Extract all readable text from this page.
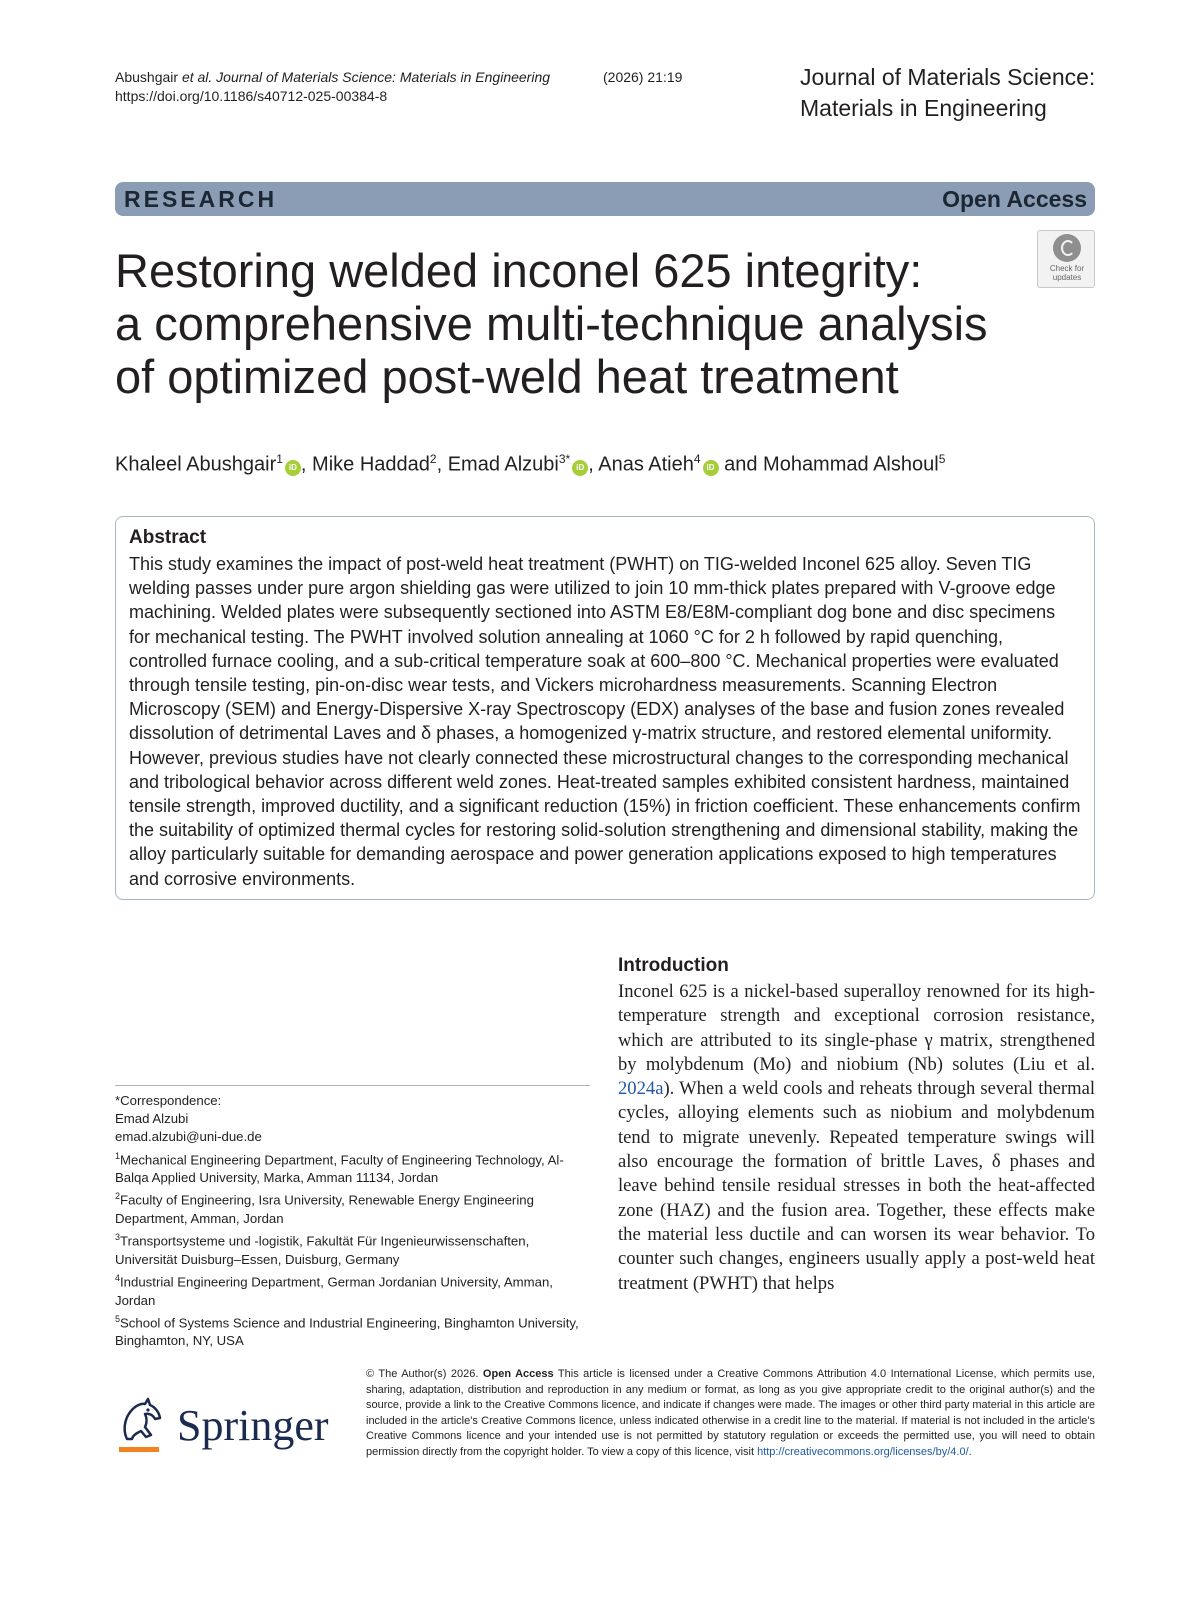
Abushgair et al. Journal of Materials Science: Materials in Engineering	(2026) 21:19
https://doi.org/10.1186/s40712-025-00384-8
Journal of Materials Science:
Materials in Engineering
RESEARCH	Open Access
Check for
updates
Restoring welded inconel 625 integrity:
a comprehensive multi-technique analysis
of optimized post-weld heat treatment
Khaleel Abushgair$^1$iD , Mike Haddad$^2$, Emad Alzubi$^{3*}$iD , Anas Atieh$^4$iD and Mohammad Alshoul$^5$
Abstract
This study examines the impact of post-weld heat treatment (PWHT) on TIG-welded Inconel 625 alloy. Seven TIG welding passes under pure argon shielding gas were utilized to join 10 mm-thick plates prepared with V-groove edge machining. Welded plates were subsequently sectioned into ASTM E8/E8M-compliant dog bone and disc specimens for mechanical testing. The PWHT involved solution annealing at 1060 °C for 2 h followed by rapid quenching, controlled furnace cooling, and a sub-critical temperature soak at 600–800 °C. Mechanical properties were evaluated through tensile testing, pin-on-disc wear tests, and Vickers microhardness measurements. Scanning Electron Microscopy (SEM) and Energy-Dispersive X-ray Spectroscopy (EDX) analyses of the base and fusion zones revealed dissolution of detrimental Laves and δ phases, a homogenized γ-matrix structure, and restored elemental uniformity. However, previous studies have not clearly connected these microstructural changes to the corresponding mechanical and tribological behavior across different weld zones. Heat-treated samples exhibited consistent hardness, maintained tensile strength, improved ductility, and a significant reduction (15%) in friction coefficient. These enhancements confirm the suitability of optimized thermal cycles for restoring solid-solution strengthening and dimensional stability, making the alloy particularly suitable for demanding aerospace and power generation applications exposed to high temperatures and corrosive environments.
*Correspondence:
Emad Alzubi
emad.alzubi@uni-due.de
$^1$Mechanical Engineering Department, Faculty of Engineering Technology, Al-Balqa Applied University, Marka, Amman 11134, Jordan
$^2$Faculty of Engineering, Isra University, Renewable Energy Engineering Department, Amman, Jordan
$^3$Transportsysteme und -logistik, Fakultät Für Ingenieurwissenschaften, Universität Duisburg–Essen, Duisburg, Germany
$^4$Industrial Engineering Department, German Jordanian University, Amman, Jordan
$^5$School of Systems Science and Industrial Engineering, Binghamton University, Binghamton, NY, USA
Introduction
Inconel 625 is a nickel-based superalloy renowned for its high-temperature strength and exceptional corrosion resistance, which are attributed to its single-phase γ matrix, strengthened by molybdenum (Mo) and niobium (Nb) solutes (Liu et al. 2024a). When a weld cools and reheats through several thermal cycles, alloying elements such as niobium and molybdenum tend to migrate unevenly. Repeated temperature swings will also encourage the formation of brittle Laves, δ phases and leave behind tensile residual stresses in both the heat-affected zone (HAZ) and the fusion area. Together, these effects make the material less ductile and can worsen its wear behavior. To counter such changes, engineers usually apply a post-weld heat treatment (PWHT) that helps
Springer
© The Author(s) 2026. Open Access This article is licensed under a Creative Commons Attribution 4.0 International License, which permits use, sharing, adaptation, distribution and reproduction in any medium or format, as long as you give appropriate credit to the original author(s) and the source, provide a link to the Creative Commons licence, and indicate if changes were made. The images or other third party material in this article are included in the article's Creative Commons licence, unless indicated otherwise in a credit line to the material. If material is not included in the article's Creative Commons licence and your intended use is not permitted by statutory regulation or exceeds the permitted use, you will need to obtain permission directly from the copyright holder. To view a copy of this licence, visit http://creativecommons.org/licenses/by/4.0/.
